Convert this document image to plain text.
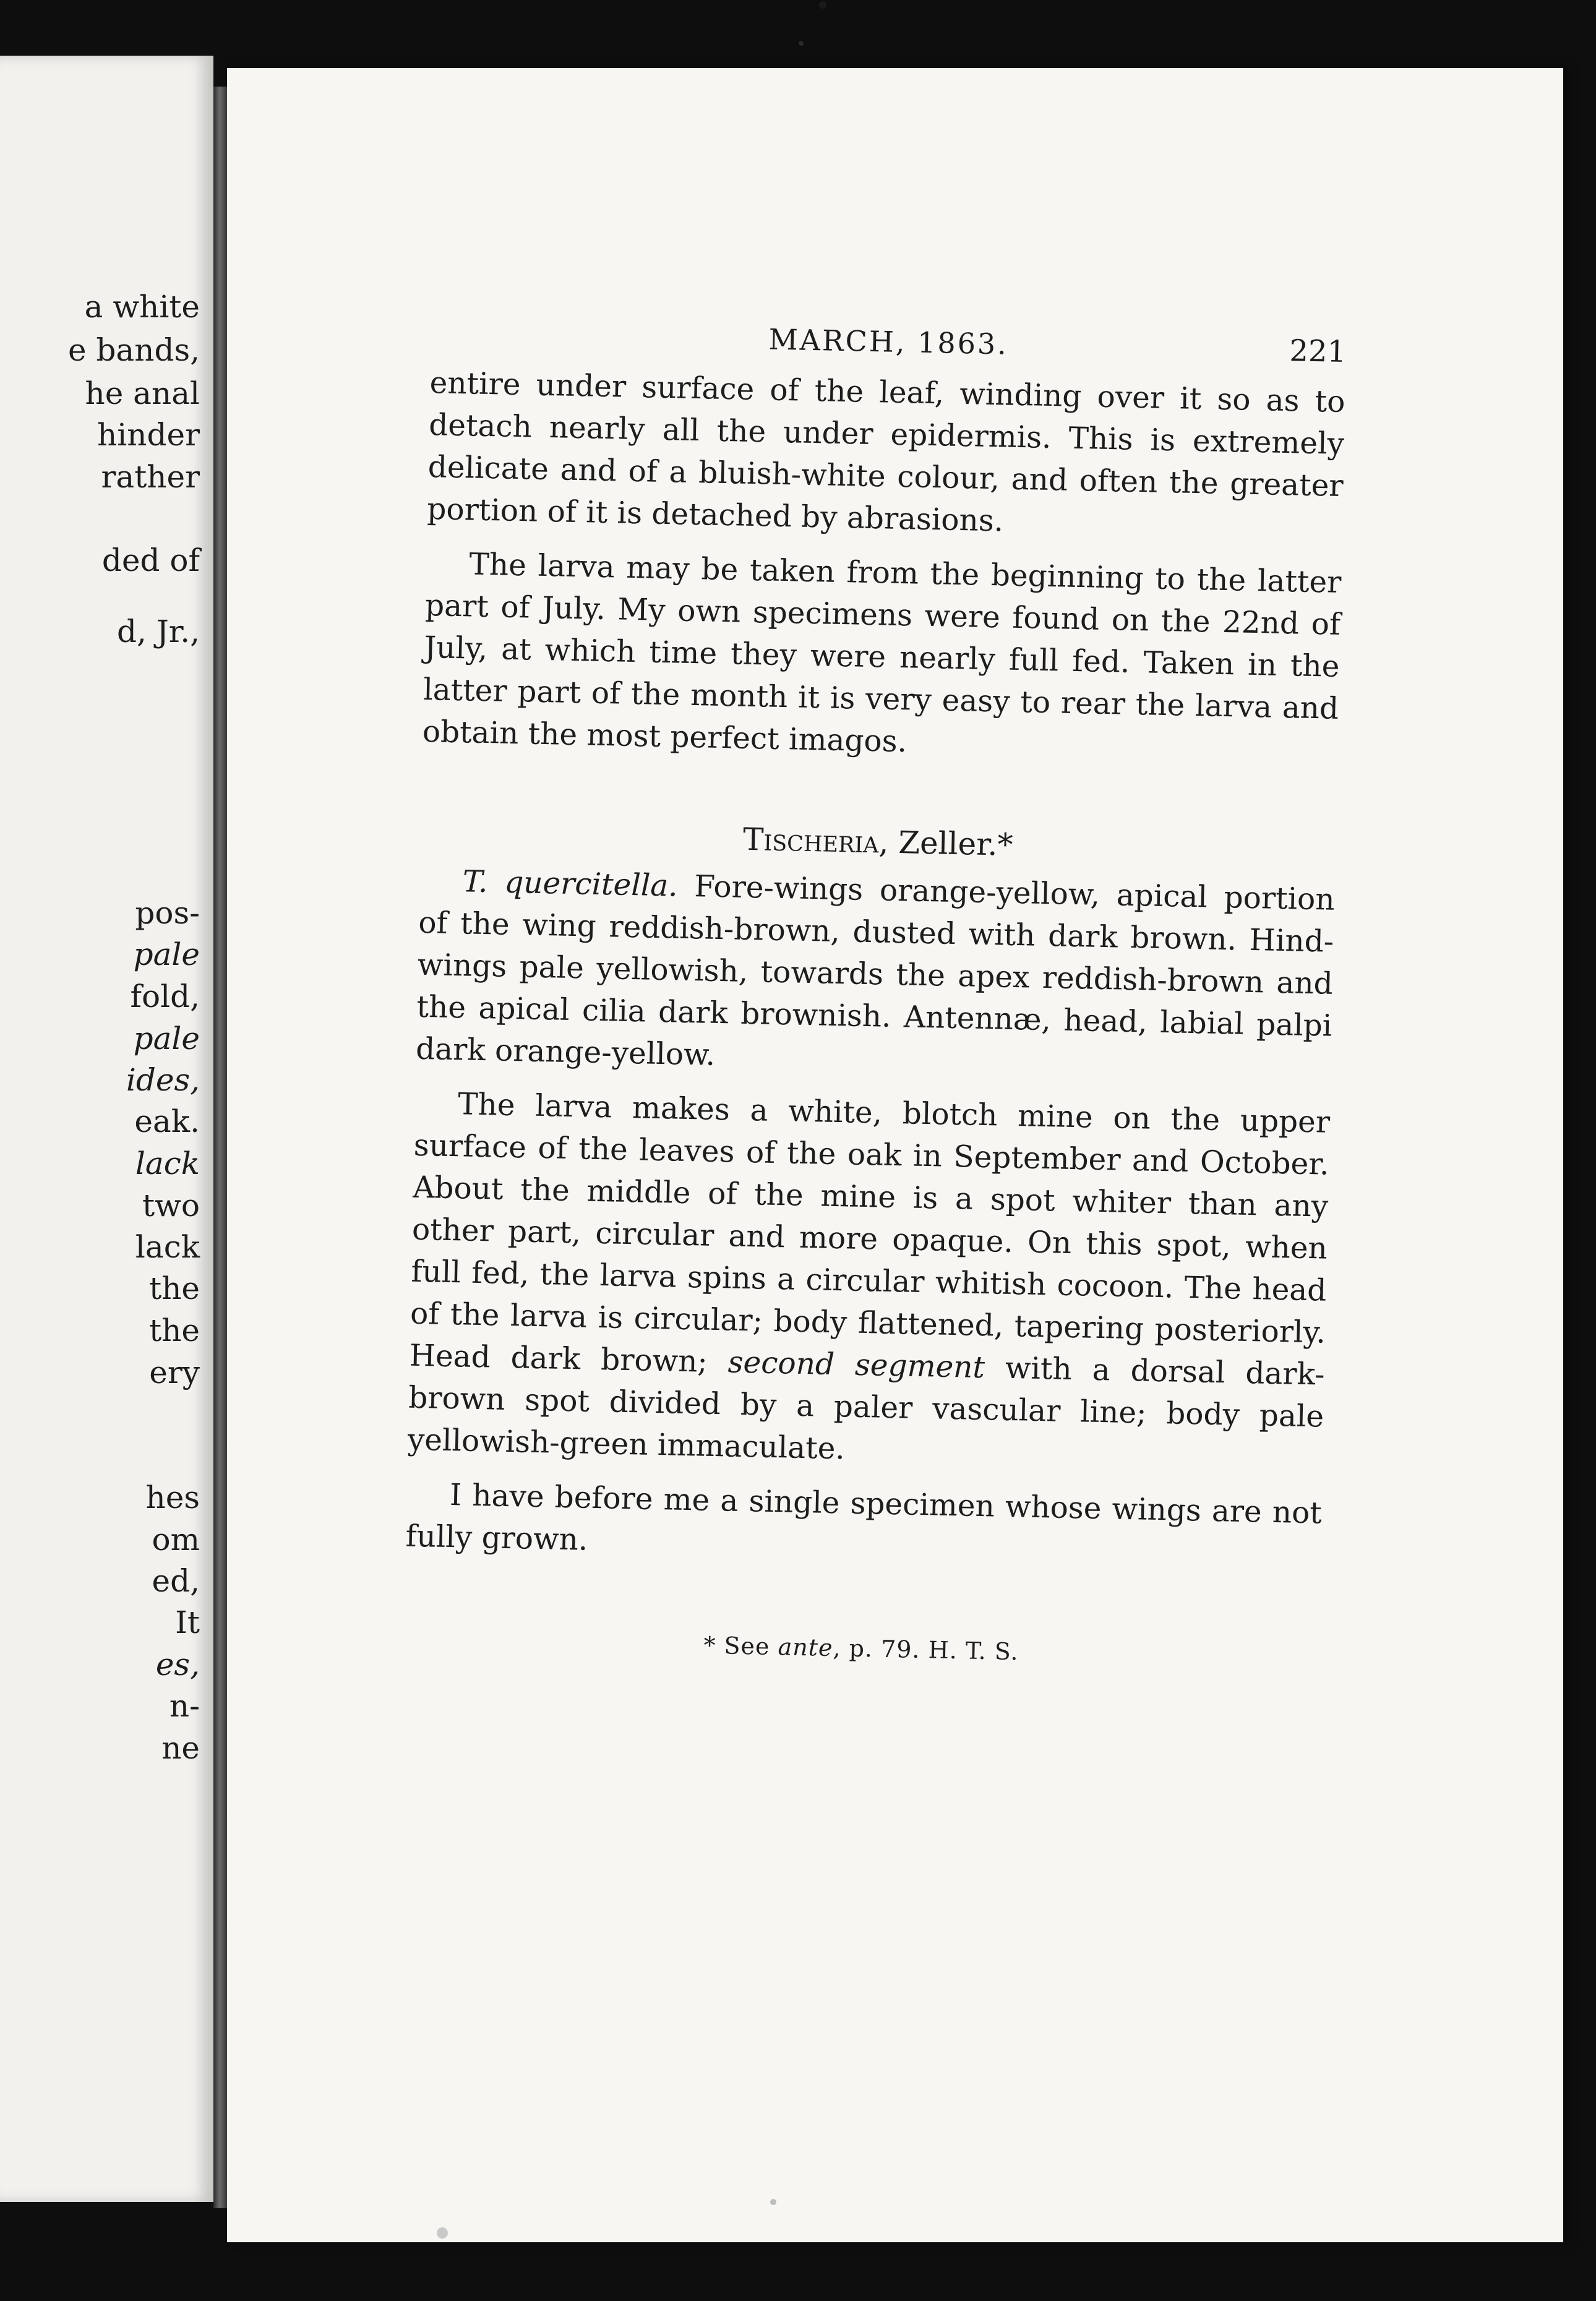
a white
e bands,
he anal
hinder
rather
ded of
d, Jr.,
pos-
pale
fold,
pale
ides,
eak.
lack
two
lack
the
the
ery
hes
om
ed,
It
es,
n-
ne
MARCH, 1863.	221

entire under surface of the leaf, winding over it so as to detach nearly all the under epidermis. This is extremely delicate and of a bluish-white colour, and often the greater portion of it is detached by abrasions.

The larva may be taken from the beginning to the latter part of July. My own specimens were found on the 22nd of July, at which time they were nearly full fed. Taken in the latter part of the month it is very easy to rear the larva and obtain the most perfect imagos.

Tischeria, Zeller.*

T. quercitella. Fore-wings orange-yellow, apical portion of the wing reddish-brown, dusted with dark brown. Hind-wings pale yellowish, towards the apex reddish-brown and the apical cilia dark brownish. Antennæ, head, labial palpi dark orange-yellow.

The larva makes a white, blotch mine on the upper surface of the leaves of the oak in September and October. About the middle of the mine is a spot whiter than any other part, circular and more opaque. On this spot, when full fed, the larva spins a circular whitish cocoon. The head of the larva is circular; body flattened, tapering posteriorly. Head dark brown; second segment with a dorsal dark-brown spot divided by a paler vascular line; body pale yellowish-green immaculate.

I have before me a single specimen whose wings are not fully grown.

* See ante, p. 79. H. T. S.
